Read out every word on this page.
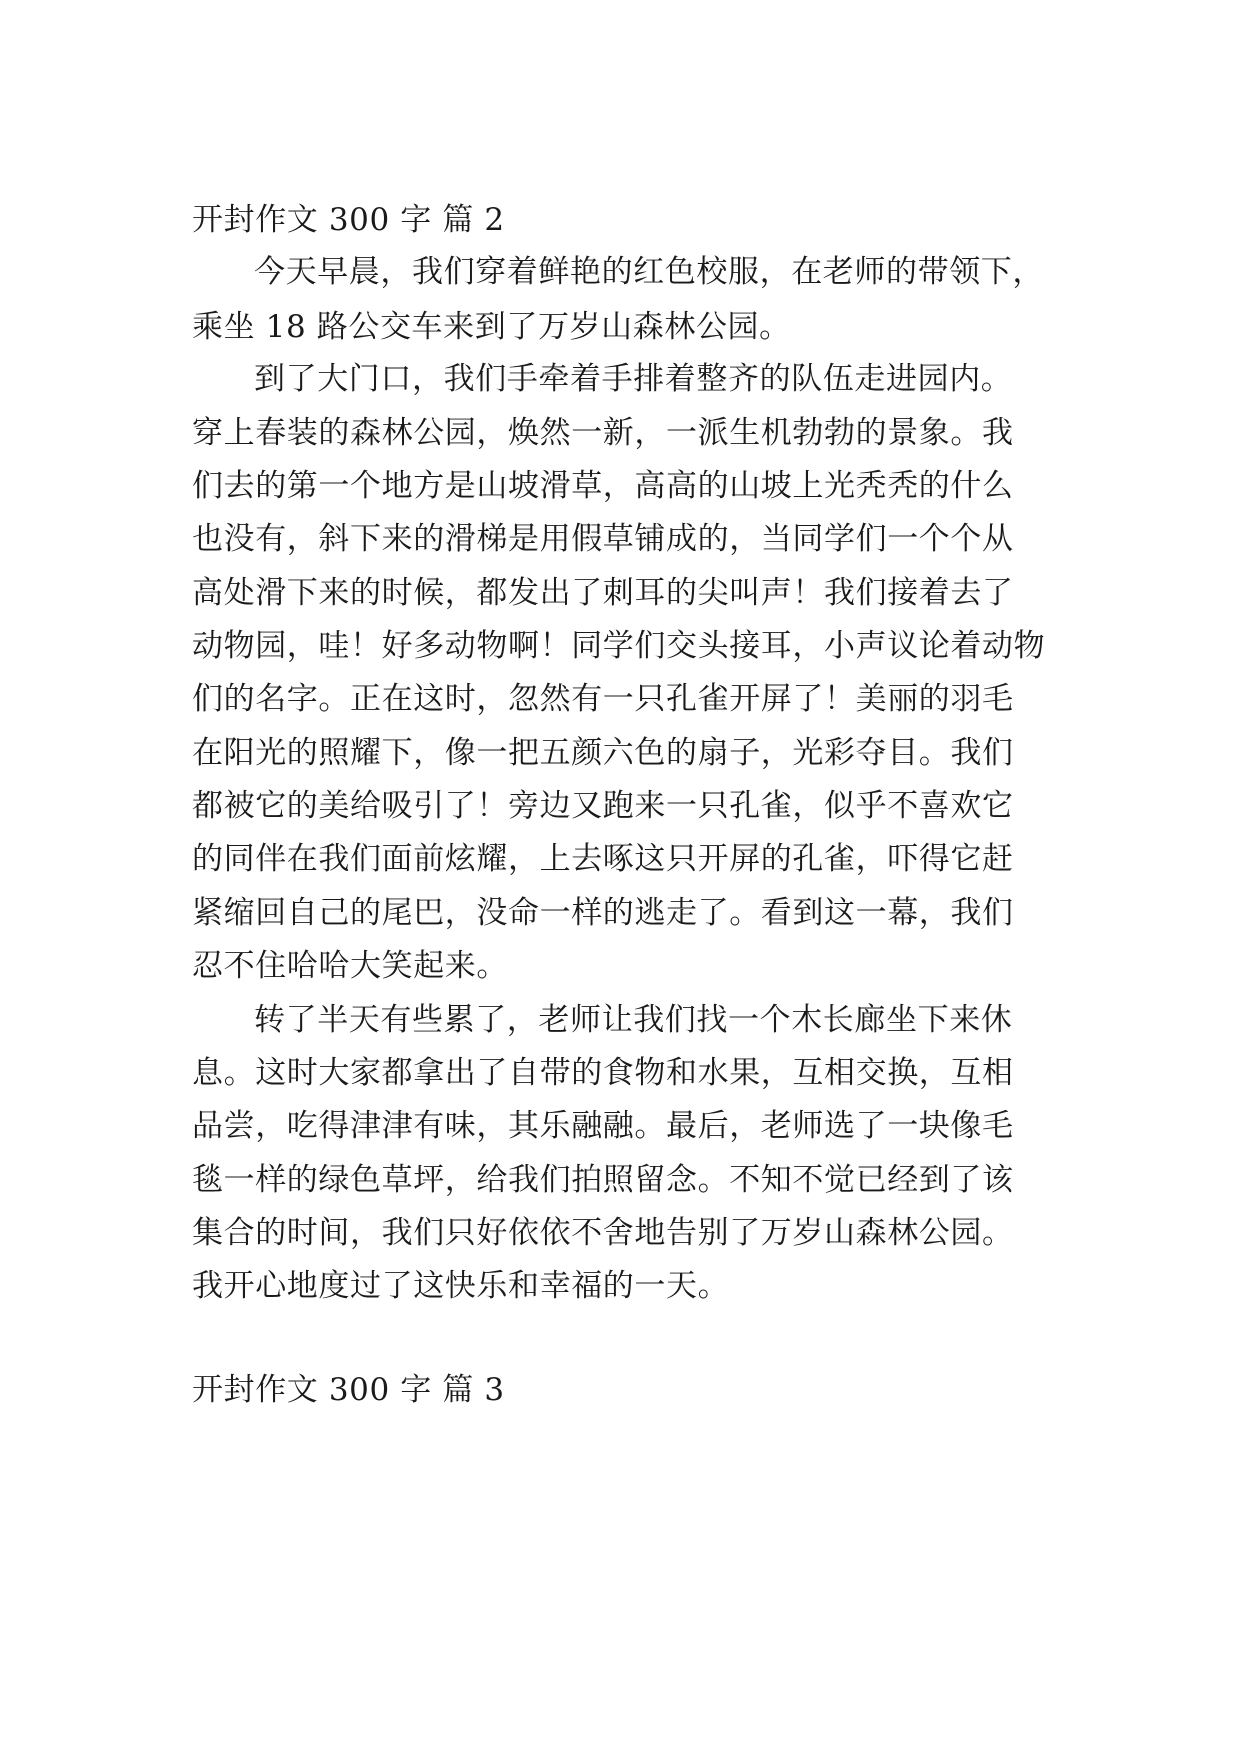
开封作文 300 字 篇 2
今天早晨，我们穿着鲜艳的红色校服，在老师的带领下，
乘坐 18 路公交车来到了万岁山森林公园。
到了大门口，我们手牵着手排着整齐的队伍走进园内。
穿上春装的森林公园，焕然一新，一派生机勃勃的景象。我
们去的第一个地方是山坡滑草，高高的山坡上光秃秃的什么
也没有，斜下来的滑梯是用假草铺成的，当同学们一个个从
高处滑下来的时候，都发出了刺耳的尖叫声！我们接着去了
动物园，哇！好多动物啊！同学们交头接耳，小声议论着动物
们的名字。正在这时，忽然有一只孔雀开屏了！美丽的羽毛
在阳光的照耀下，像一把五颜六色的扇子，光彩夺目。我们
都被它的美给吸引了！旁边又跑来一只孔雀，似乎不喜欢它
的同伴在我们面前炫耀，上去啄这只开屏的孔雀，吓得它赶
紧缩回自己的尾巴，没命一样的逃走了。看到这一幕，我们
忍不住哈哈大笑起来。
转了半天有些累了，老师让我们找一个木长廊坐下来休
息。这时大家都拿出了自带的食物和水果，互相交换，互相
品尝，吃得津津有味，其乐融融。最后，老师选了一块像毛
毯一样的绿色草坪，给我们拍照留念。不知不觉已经到了该
集合的时间，我们只好依依不舍地告别了万岁山森林公园。
我开心地度过了这快乐和幸福的一天。
开封作文 300 字 篇 3
